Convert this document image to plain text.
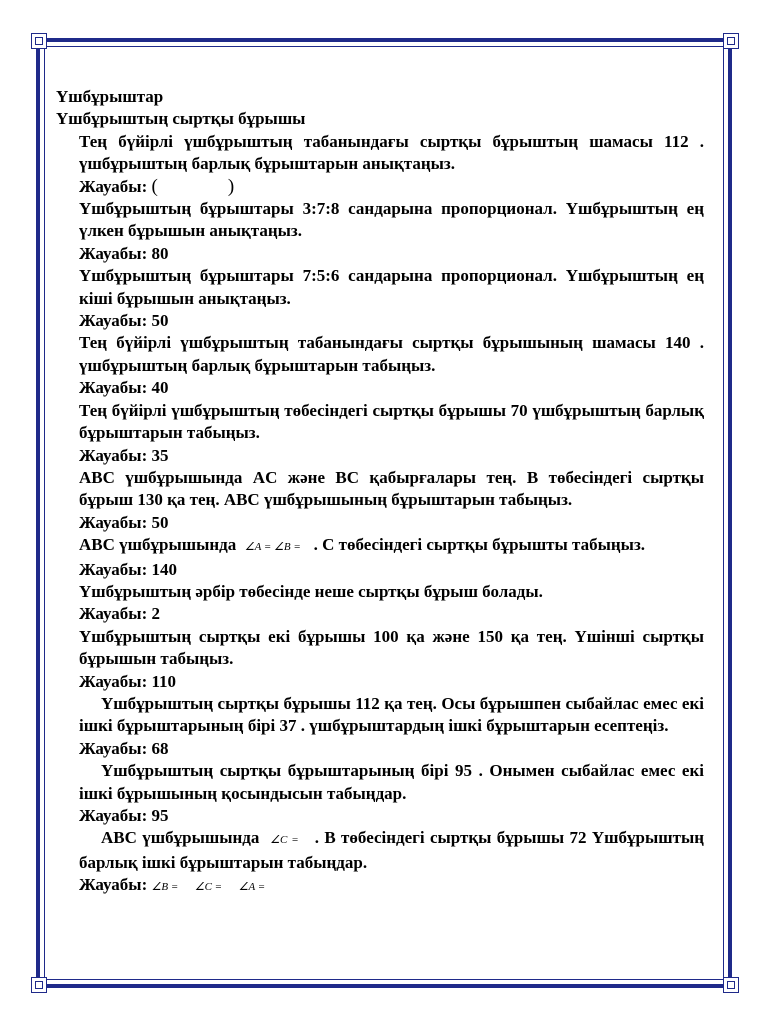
Үшбұрыштар

Үшбұрыштың сыртқы бұрышы

Тең бүйірлі үшбұрыштың табанындағы сыртқы бұрыштың шамасы 112 . үшбұрыштың барлық бұрыштарын анықтаңыз.

Жауабы: (	)

Үшбұрыштың бұрыштары 3:7:8 сандарына пропорционал. Үшбұрыштың ең үлкен бұрышын анықтаңыз.

Жауабы: 80

Үшбұрыштың бұрыштары 7:5:6 сандарына пропорционал. Үшбұрыштың ең кіші бұрышын анықтаңыз.

Жауабы: 50

Тең бүйірлі үшбұрыштың табанындағы сыртқы бұрышының шамасы 140 . үшбұрыштың барлық бұрыштарын табыңыз.

Жауабы: 40

Тең бүйірлі үшбұрыштың төбесіндегі сыртқы бұрышы 70 үшбұрыштың барлық бұрыштарын табыңыз.

Жауабы: 35

ABC үшбұрышында AC және BC қабырғалары тең. B төбесіндегі сыртқы бұрыш 130 қа тең. ABC үшбұрышының бұрыштарын табыңыз.

Жауабы: 50

ABC үшбұрышында ∠A = ∠B = . C төбесіндегі сыртқы бұрышты табыңыз.

Жауабы: 140

Үшбұрыштың әрбір төбесінде неше сыртқы бұрыш болады.

Жауабы: 2

Үшбұрыштың сыртқы екі бұрышы 100 қа және 150 қа тең. Үшінші сыртқы бұрышын табыңыз.

Жауабы: 110

Үшбұрыштың сыртқы бұрышы 112 қа тең. Осы бұрышпен сыбайлас емес екі ішкі бұрыштарының бірі 37 . үшбұрыштардың ішкі бұрыштарын есептеңіз.

Жауабы: 68

Үшбұрыштың сыртқы бұрыштарының бірі 95 . Онымен сыбайлас емес екі ішкі бұрышының қосындысын табыңдар.

Жауабы: 95

ABC үшбұрышында ∠C = . B төбесіндегі сыртқы бұрышы 72 Үшбұрыштың барлық ішкі бұрыштарын табыңдар.

Жауабы: ∠B =      ∠C =      ∠A =
